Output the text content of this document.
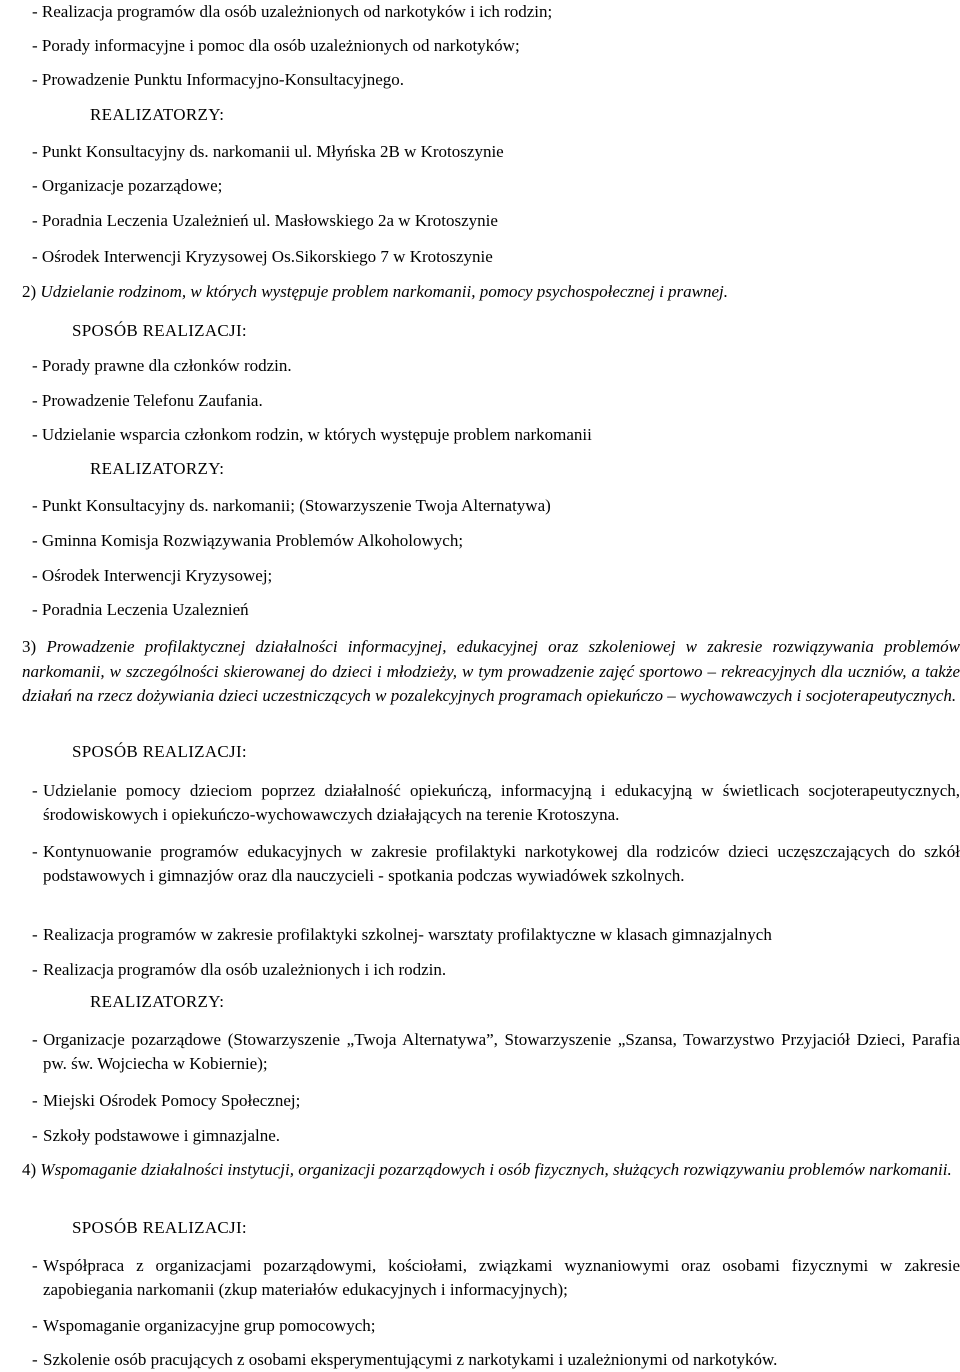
- Realizacja programów dla osób uzależnionych od narkotyków i ich rodzin;
- Porady informacyjne i pomoc dla osób uzależnionych od narkotyków;
- Prowadzenie Punktu Informacyjno-Konsultacyjnego.
REALIZATORZY:
- Punkt Konsultacyjny ds. narkomanii ul. Młyńska 2B w Krotoszynie
- Organizacje pozarządowe;
- Poradnia Leczenia Uzależnień ul. Masłowskiego 2a w Krotoszynie
- Ośrodek Interwencji Kryzysowej Os.Sikorskiego 7 w Krotoszynie
2) Udzielanie rodzinom, w których występuje problem narkomanii, pomocy psychospołecznej i prawnej.
SPOSÓB REALIZACJI:
- Porady prawne dla członków rodzin.
- Prowadzenie Telefonu Zaufania.
- Udzielanie wsparcia członkom rodzin, w których występuje problem narkomanii
REALIZATORZY:
- Punkt Konsultacyjny ds. narkomanii; (Stowarzyszenie Twoja Alternatywa)
- Gminna Komisja Rozwiązywania Problemów Alkoholowych;
- Ośrodek Interwencji Kryzysowej;
- Poradnia Leczenia Uzaleznień
3) Prowadzenie profilaktycznej działalności informacyjnej, edukacyjnej oraz szkoleniowej w zakresie rozwiązywania problemów narkomanii, w szczególności skierowanej do dzieci i młodzieży, w tym prowadzenie zajęć sportowo – rekreacyjnych dla uczniów, a także działań na rzecz dożywiania dzieci uczestniczących w pozalekcyjnych programach opiekuńczo – wychowawczych i socjoterapeutycznych.
SPOSÓB REALIZACJI:
- Udzielanie pomocy dzieciom poprzez działalność opiekuńczą, informacyjną i edukacyjną w świetlicach socjoterapeutycznych, środowiskowych i opiekuńczo-wychowawczych działających na terenie Krotoszyna.
- Kontynuowanie programów edukacyjnych w zakresie profilaktyki narkotykowej dla rodziców dzieci uczęszczających do szkół podstawowych i gimnazjów oraz dla nauczycieli - spotkania podczas wywiadówek szkolnych.
- Realizacja programów w zakresie profilaktyki szkolnej- warsztaty profilaktyczne w klasach gimnazjalnych
- Realizacja programów dla osób uzależnionych i ich rodzin.
REALIZATORZY:
- Organizacje pozarządowe (Stowarzyszenie „Twoja Alternatywa”, Stowarzyszenie „Szansa, Towarzystwo Przyjaciół Dzieci, Parafia pw. św. Wojciecha w Kobiernie);
- Miejski Ośrodek Pomocy Społecznej;
- Szkoły podstawowe i gimnazjalne.
4) Wspomaganie działalności instytucji, organizacji pozarządowych i osób fizycznych, służących rozwiązywaniu problemów narkomanii.
SPOSÓB REALIZACJI:
- Współpraca z organizacjami pozarządowymi, kościołami, związkami wyznaniowymi oraz osobami fizycznymi w zakresie zapobiegania narkomanii (zkup materiałów edukacyjnych i informacyjnych);
- Wspomaganie organizacyjne grup pomocowych;
- Szkolenie osób pracujących z osobami eksperymentującymi z narkotykami i uzależnionymi od narkotyków.
